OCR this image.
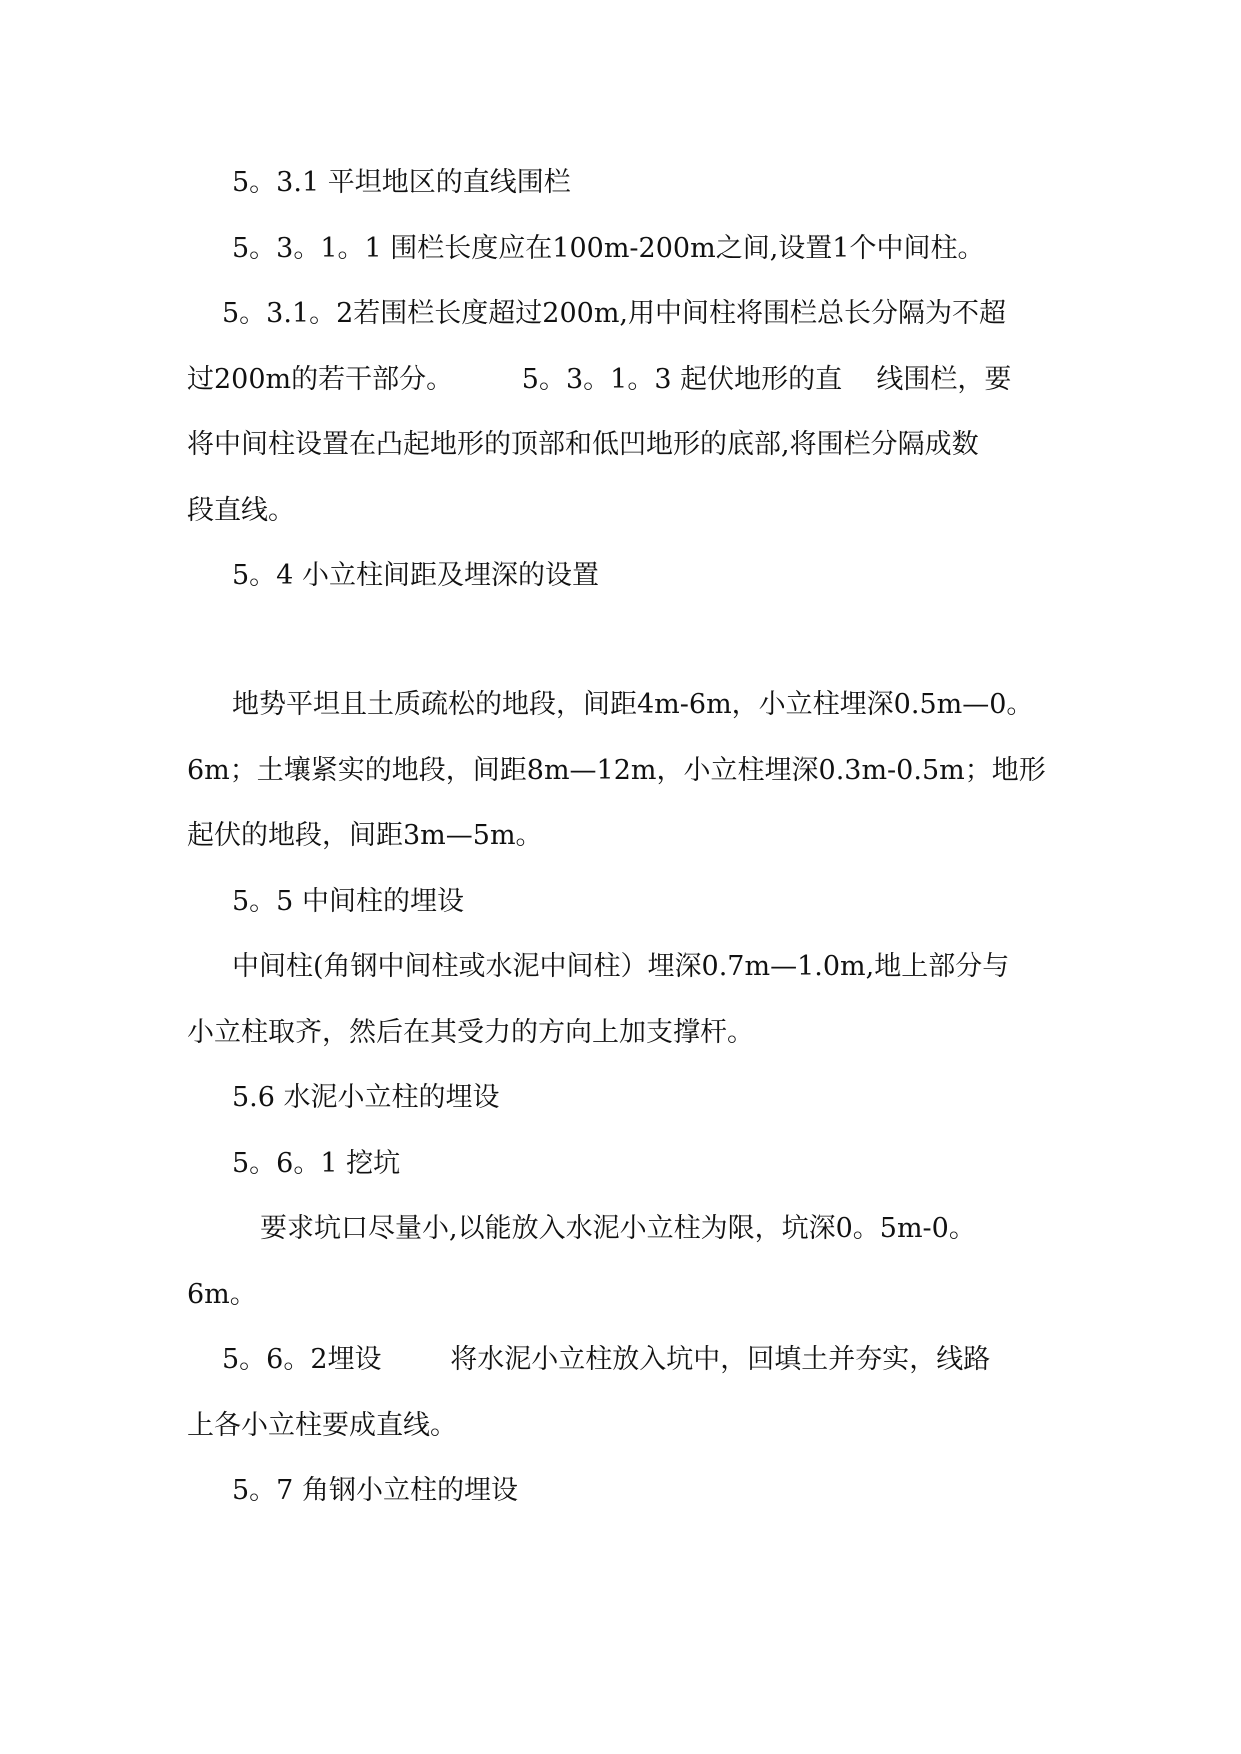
5。3.1 平坦地区的直线围栏
5。3。1。1 围栏长度应在100m-200m之间,设置1个中间柱。
5。3.1。2若围栏长度超过200m,用中间柱将围栏总长分隔为不超
过200m的若干部分。        5。3。1。3 起伏地形的直    线围栏，要
将中间柱设置在凸起地形的顶部和低凹地形的底部,将围栏分隔成数
段直线。
5。4 小立柱间距及埋深的设置
地势平坦且土质疏松的地段，间距4m-6m，小立柱埋深0.5m—0。
6m；土壤紧实的地段，间距8m—12m，小立柱埋深0.3m-0.5m；地形
起伏的地段，间距3m—5m。
5。5 中间柱的埋设
中间柱(角钢中间柱或水泥中间柱）埋深0.7m—1.0m,地上部分与
小立柱取齐，然后在其受力的方向上加支撑杆。
5.6 水泥小立柱的埋设
5。6。1 挖坑
要求坑口尽量小,以能放入水泥小立柱为限，坑深0。5m-0。
6m。
5。6。2埋设        将水泥小立柱放入坑中，回填土并夯实，线路
上各小立柱要成直线。
5。7 角钢小立柱的埋设
